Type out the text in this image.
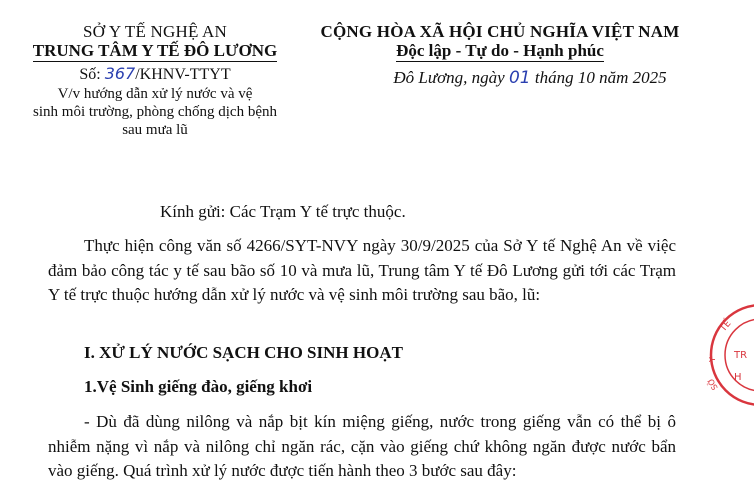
SỞ Y TẾ NGHỆ AN
TRUNG TÂM Y TẾ ĐÔ LƯƠNG
Số: 367/KHNV-TTYT
V/v hướng dẫn xử lý nước và vệ
sinh môi trường, phòng chống dịch bệnh
sau mưa lũ
CỘNG HÒA XÃ HỘI CHỦ NGHĨA VIỆT NAM
Độc lập - Tự do - Hạnh phúc
Đô Lương, ngày 01 tháng 10 năm 2025
Kính gửi: Các Trạm Y tế trực thuộc.
Thực hiện công văn số 4266/SYT-NVY ngày 30/9/2025 của Sở Y tế Nghệ An về việc đảm bảo công tác y tế sau bão số 10 và mưa lũ, Trung tâm Y tế Đô Lương gửi tới các Trạm Y tế trực thuộc hướng dẫn xử lý nước và vệ sinh môi trường sau bão, lũ:
I. XỬ LÝ NƯỚC SẠCH CHO SINH HOẠT
1.Vệ Sinh giếng đào, giếng khơi
- Dù đã dùng nilông và nắp bịt kín miệng giếng, nước trong giếng vẫn có thể bị ô nhiễm nặng vì nắp và nilông chỉ ngăn rác, cặn vào giếng chứ không ngăn được nước bẩn vào giếng. Quá trình xử lý nước được tiến hành theo 3 bước sau đây:
TẾ
Y
SỞ
TR
H
